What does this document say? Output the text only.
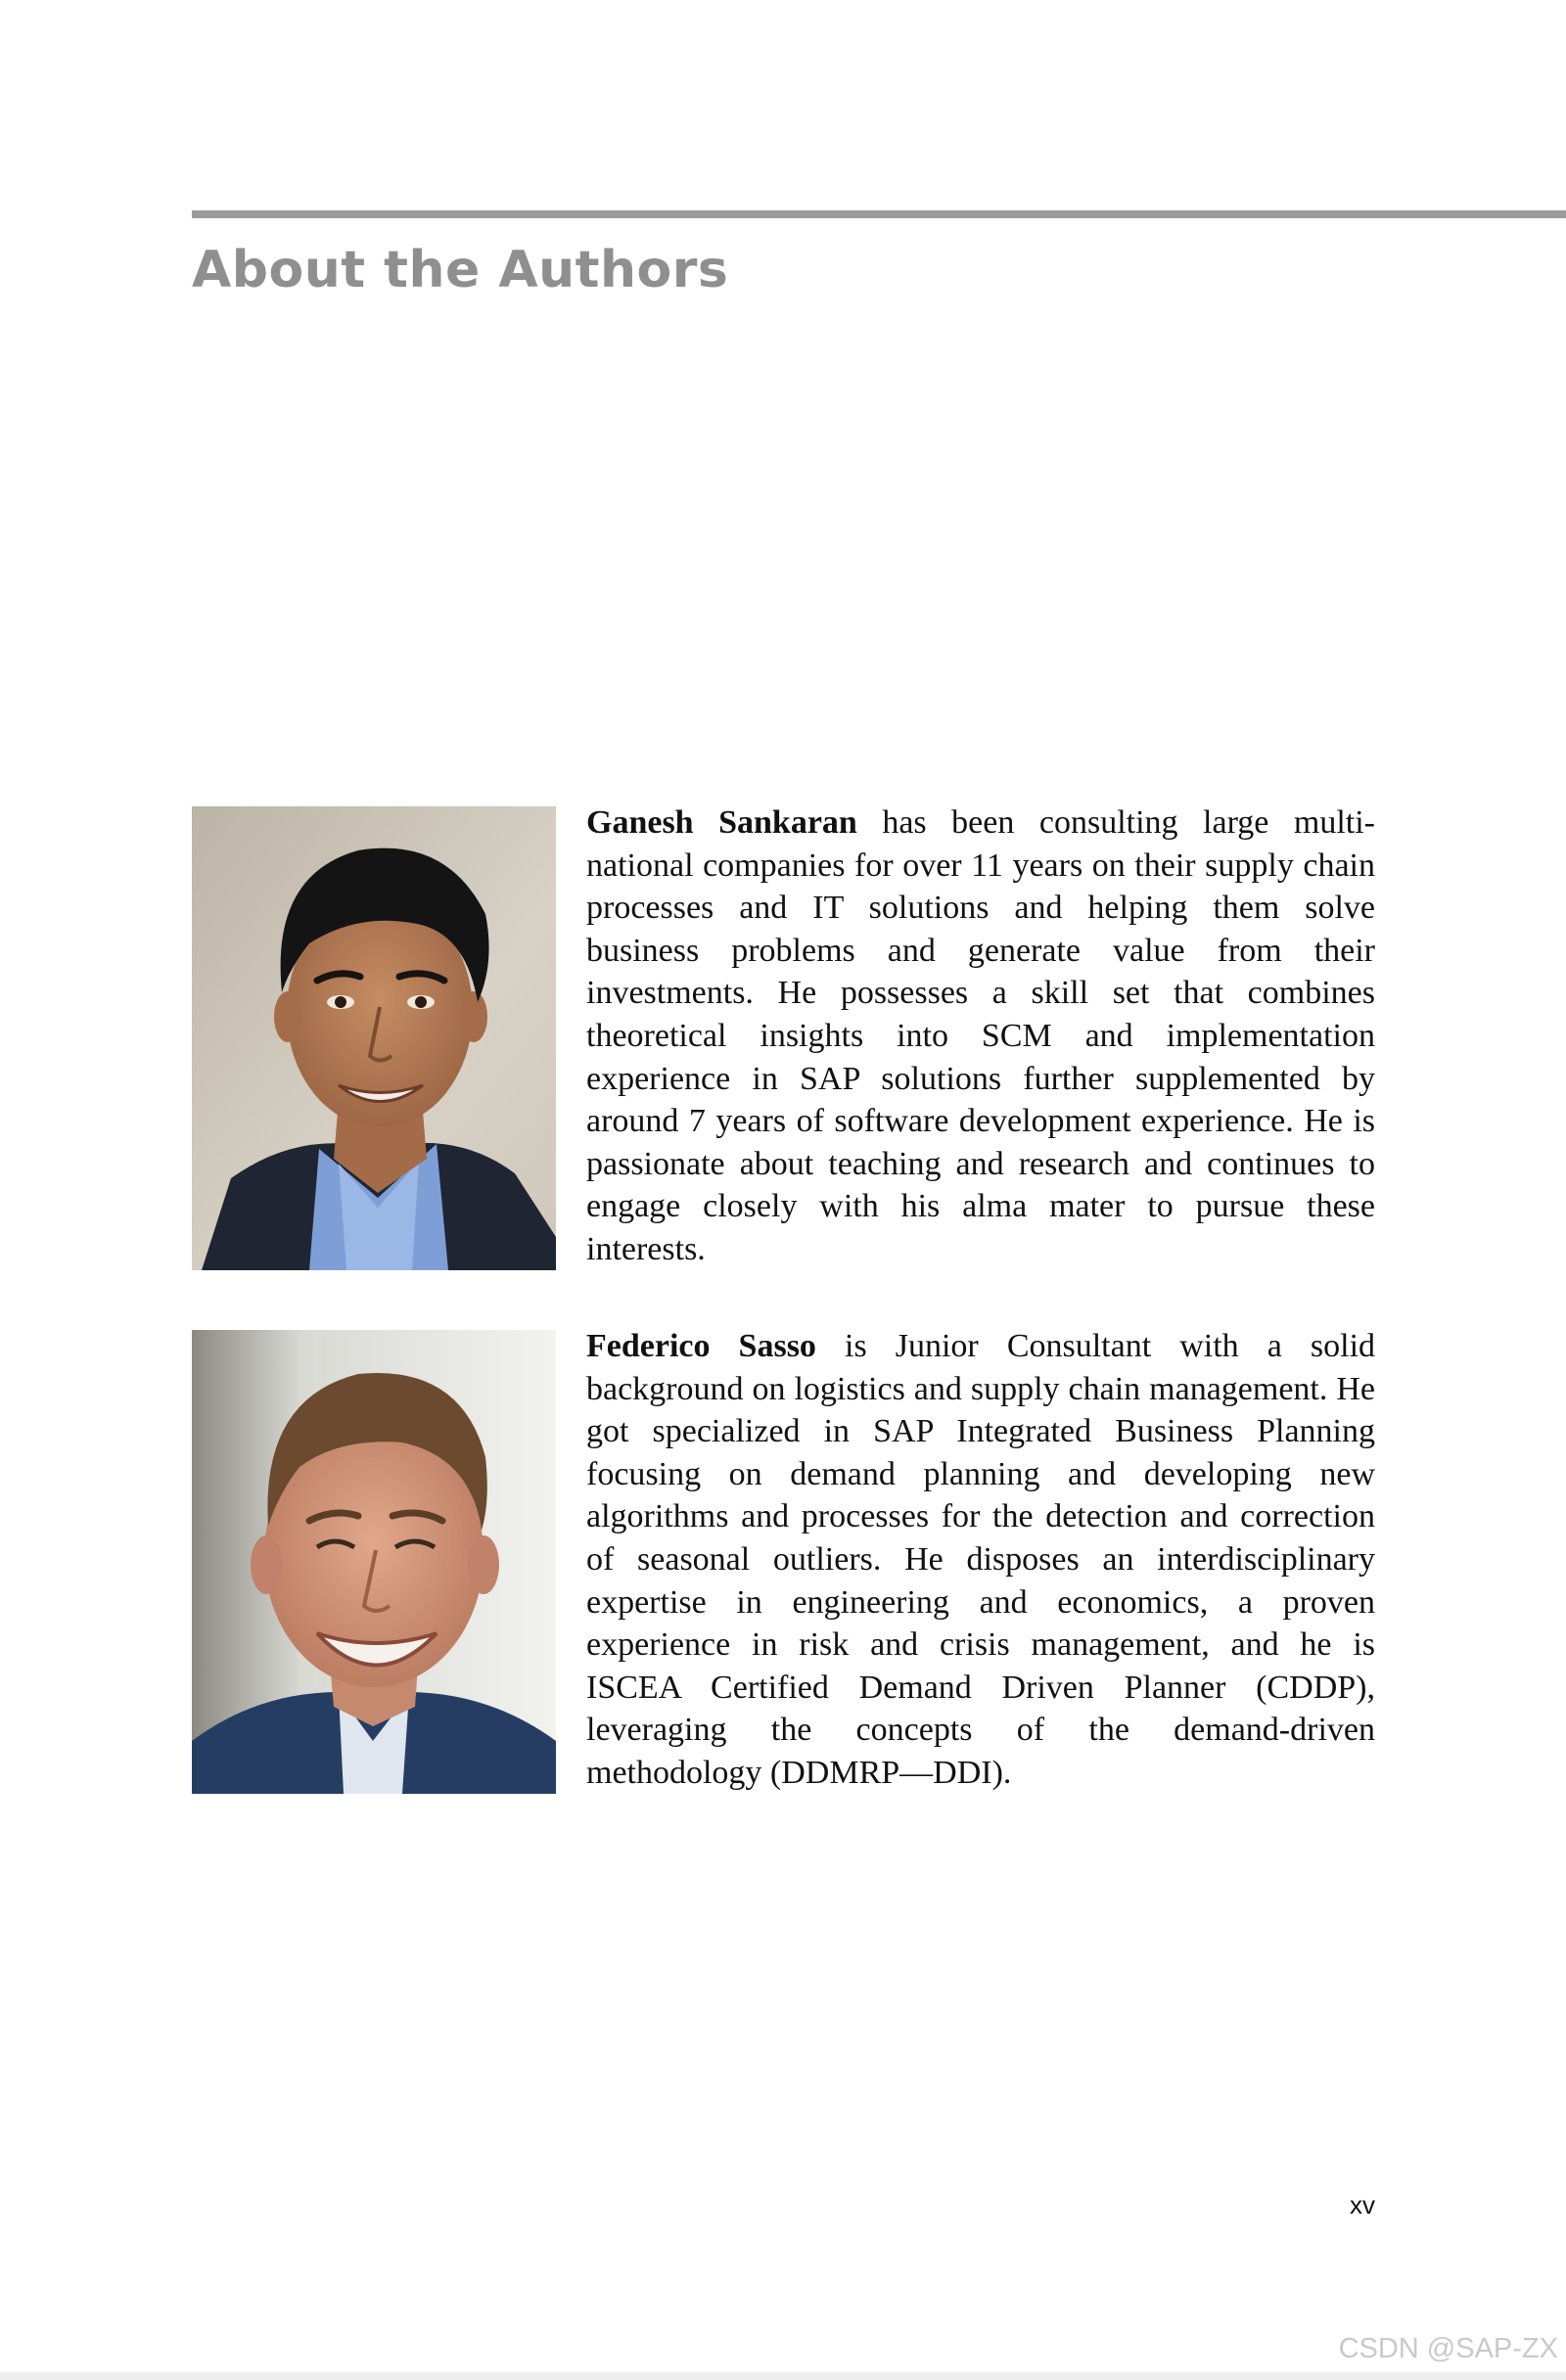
About the Authors

Ganesh Sankaran has been consulting large multi-national companies for over 11 years on their supply chain processes and IT solutions and helping them solve business problems and generate value from their investments. He possesses a skill set that combines theoretical insights into SCM and implementation experience in SAP solutions further supplemented by around 7 years of software development experience. He is passionate about teaching and research and continues to engage closely with his alma mater to pursue these interests.

Federico Sasso is Junior Consultant with a solid background on logistics and supply chain management. He got specialized in SAP Integrated Business Planning focusing on demand planning and developing new algorithms and processes for the detection and correction of seasonal outliers. He disposes an interdisciplinary expertise in engineering and economics, a proven experience in risk and crisis management, and he is ISCEA Certified Demand Driven Planner (CDDP), leveraging the concepts of the demand-driven methodology (DDMRP—DDI).

xv
CSDN @SAP-ZX
